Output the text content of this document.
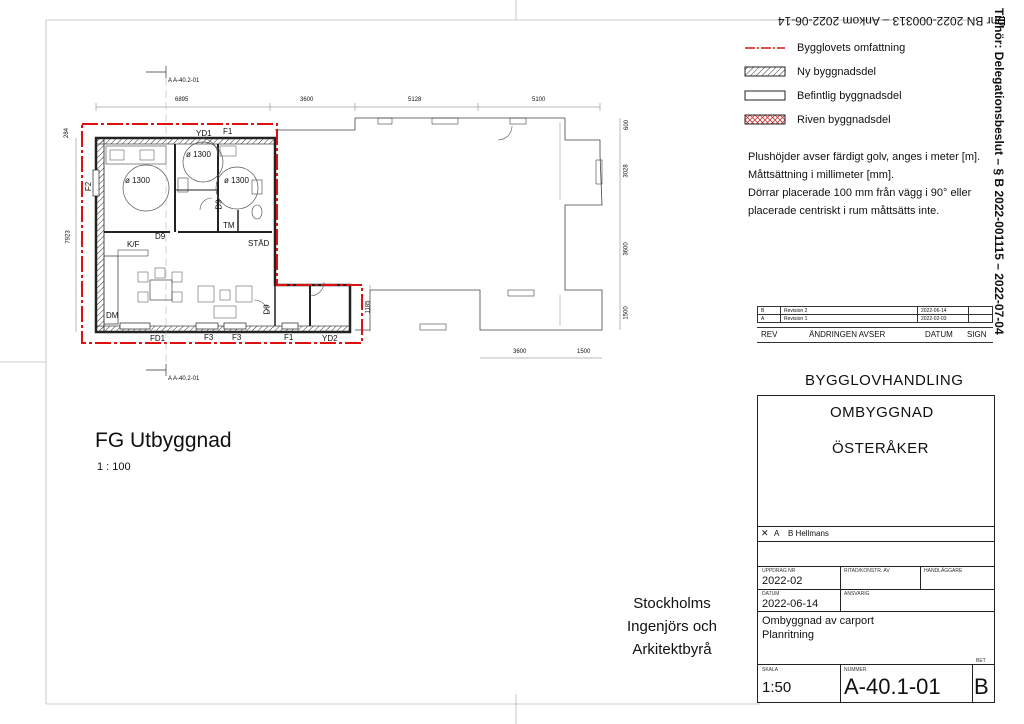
A A-40.2-01
A A-40.2-01
6895	3600	5128	5100
600
3028
3600
1500
3600	1500
7923
284
1185
YD1 F1
F2
D9
D9
D9
TM
K/F	STÄD
DM
FD1	F3 F3	F1	YD2
ø 1300
ø 1300
ø 1300
FG Utbyggnad
1 : 100
Bygglovets omfattning
Ny byggnadsdel
Befintlig byggnadsdel
Riven byggnadsdel
Plushöjder avser färdigt golv, anges i meter [m].
Måttsättning i millimeter [mm].
Dörrar placerade 100 mm från vägg i 90° eller placerade centriskt i rum måttsätts inte.
B	Revision 2	2022-06-14	
A	Revision 1	2022-02-03	
REV	ÄNDRINGEN AVSER	DATUM SIGN
BYGGLOVHANDLING
OMBYGGNAD
ÖSTERÅKER
✕ A B Hellmans
UPPDRAG NR	RITAD/KONSTR. AV	HANDLÄGGARE
2022-02
DATUM	ANSVARIG
2022-06-14
Ombyggnad av carport
Planritning
SKALA	NUMMER
BET
1:50 A-40.1-01 B
Stockholms
Ingenjörs och
Arkitektbyrå
Dnr BN 2022-000313 – Ankom 2022-06-14
Tillhör: Delegationsbeslut – § B 2022-001115 – 2022-07-04
